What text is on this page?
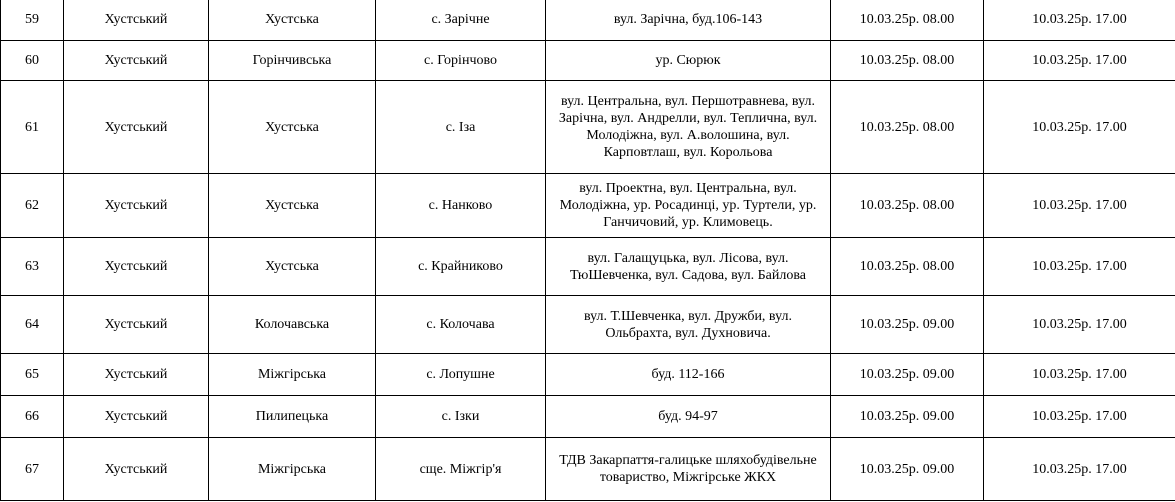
59	Хустський	Хустська	с. Зарічне	вул. Зарічна, буд.106-143	10.03.25р. 08.00	10.03.25р. 17.00
60	Хустський	Горінчивська	с. Горінчово	ур. Сюрюк	10.03.25р. 08.00	10.03.25р. 17.00
61	Хустський	Хустська	с. Іза	вул. Центральна, вул. Першотравнева, вул.
Зарічна, вул. Андрелли, вул. Теплична, вул.
Молодіжна, вул. А.волошина, вул.
Карповтлаш, вул. Корольова	10.03.25р. 08.00	10.03.25р. 17.00
62	Хустський	Хустська	с. Нанково	вул. Проектна, вул. Центральна, вул.
Молодіжна, ур. Росадинці, ур. Туртели, ур.
Ганчичовий, ур. Климовець.	10.03.25р. 08.00	10.03.25р. 17.00
63	Хустський	Хустська	с. Крайниково	вул. Галащуцька, вул. Лісова, вул.
ТюШевченка, вул. Садова, вул. Байлова	10.03.25р. 08.00	10.03.25р. 17.00
64	Хустський	Колочавська	с. Колочава	вул. Т.Шевченка, вул. Дружби, вул.
Ольбрахта, вул. Духновича.	10.03.25р. 09.00	10.03.25р. 17.00
65	Хустський	Міжгірська	с. Лопушне	буд. 112-166	10.03.25р. 09.00	10.03.25р. 17.00
66	Хустський	Пилипецька	с. Ізки	буд. 94-97	10.03.25р. 09.00	10.03.25р. 17.00
67	Хустський	Міжгірська	сще. Міжгір'я	ТДВ Закарпаття-галицьке шляхобудівельне
товариство, Міжгірське ЖКХ	10.03.25р. 09.00	10.03.25р. 17.00
